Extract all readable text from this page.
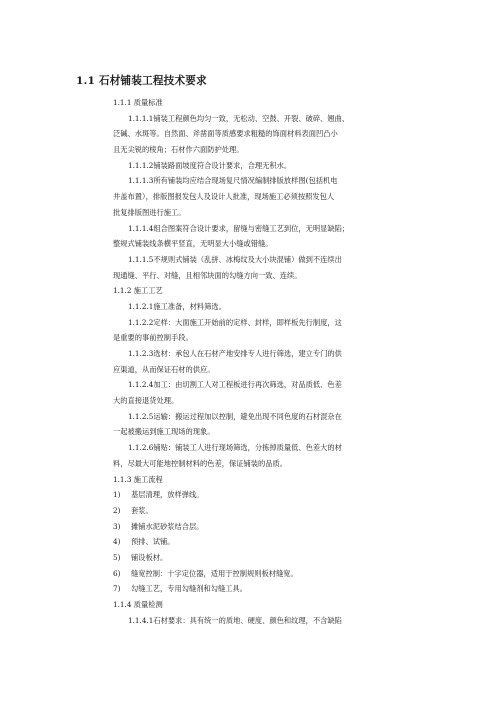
1.1 石材铺装工程技术要求
1.1.1 质量标准
1.1.1.1铺装工程颜色均匀一致，无松动、空鼓、开裂、破碎、翘曲、
泛碱、水斑等。自然面、斧凿面等质感要求粗糙的饰面材料表面凹凸小
且无尖锐的棱角；石材作六面防护处理。
1.1.1.2铺装路面坡度符合设计要求，合理无积水。
1.1.1.3所有铺装均应结合现场复尺情况编制排版放样图(包括机电
井盖布置），排版图报发包人及设计人批准，现场施工必须按照发包人
批复排版图进行施工。
1.1.1.4组合图案符合设计要求，留缝与密缝工艺到位，无明显缺陷；
整规式铺装线条横平竖直，无明显大小缝或错缝。
1.1.1.5不规则式铺装（乱拼、冰梅纹及大小块混铺）做到不连续出
现通缝、平行、对缝，且相邻块面的勾缝方向一致、连续。
1.1.2 施工工艺
1.1.2.1施工准备，材料筛选。
1.1.2.2定样：大面施工开始前的定样、封样，即样板先行制度，这
是重要的事前控制手段。
1.1.2.3选材：承包人在石材产地安排专人进行筛选，建立专门的供
应渠道，从而保证石材的供应。
1.1.2.4加工：由切割工人对工程板进行再次筛选，对品质低、色差
大的直接退货处理。
1.1.2.5运输：搬运过程加以控制，避免出现不同色度的石材混杂在
一起被搬运到施工现场的现象。
1.1.2.6铺贴：铺装工人进行现场筛选，分拣掉质量低、色差大的材
料，尽最大可能地控制材料的色差，保证铺装的品质。
1.1.3 施工流程
1) 基层清理，放样弹线。
2) 套浆。
3) 摊铺水泥砂浆结合层。
4) 预排、试铺。
5) 铺设板材。
6) 缝宽控制：十字定位器，适用于控制规则板材缝宽。
7) 勾缝工艺，专用勾缝剂和勾缝工具。
1.1.4 质量检测
1.1.4.1石材要求：具有统一的质地、硬度、颜色和纹理，不含缺陷
